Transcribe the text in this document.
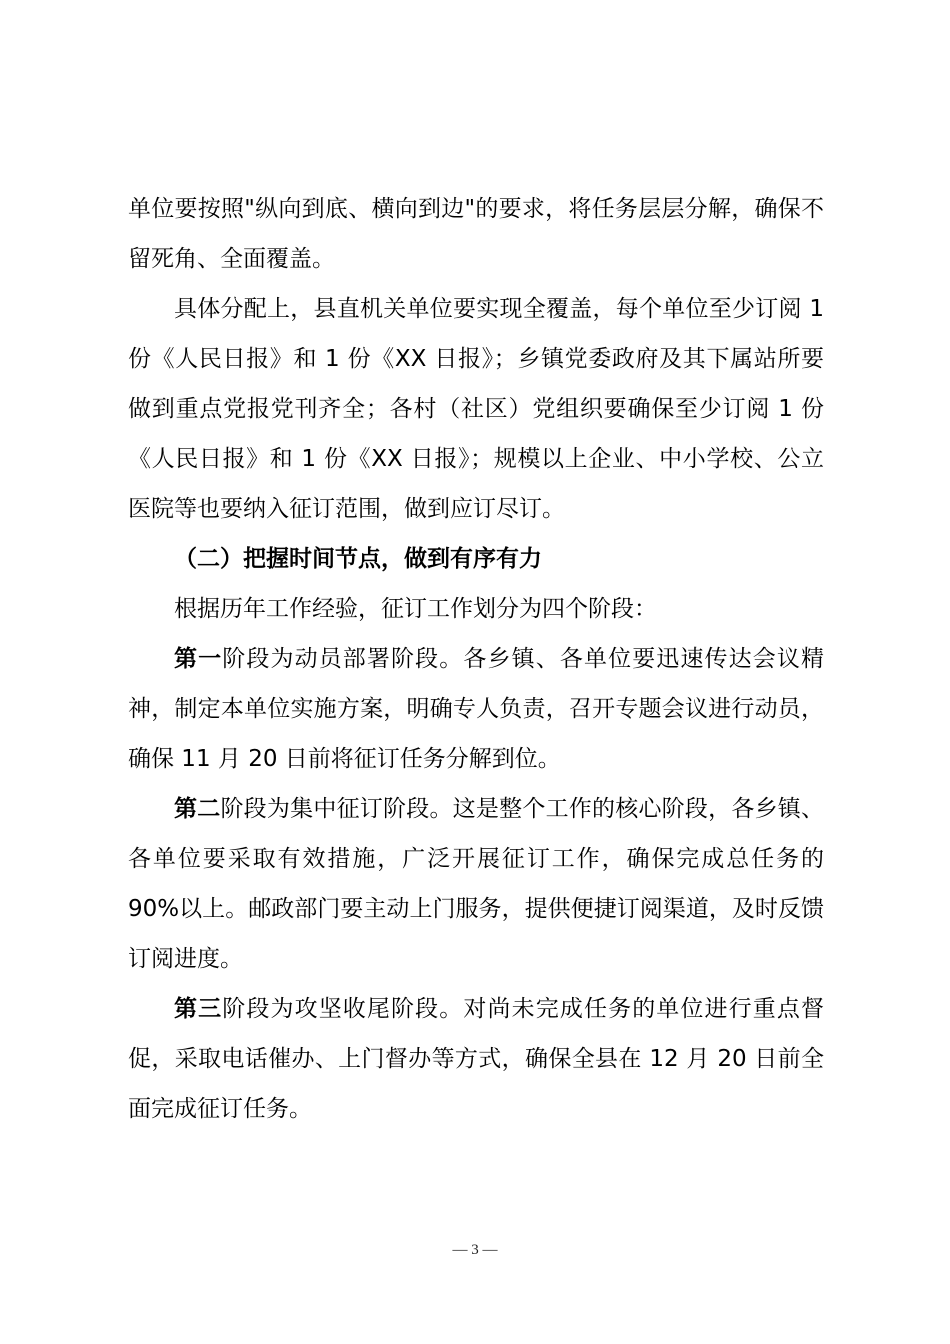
单位要按照"纵向到底、横向到边"的要求，将任务层层分解，确保不留死角、全面覆盖。

具体分配上，县直机关单位要实现全覆盖，每个单位至少订阅 1 份《人民日报》和 1 份《XX 日报》；乡镇党委政府及其下属站所要做到重点党报党刊齐全；各村（社区）党组织要确保至少订阅 1 份《人民日报》和 1 份《XX 日报》；规模以上企业、中小学校、公立医院等也要纳入征订范围，做到应订尽订。

（二）把握时间节点，做到有序有力

根据历年工作经验，征订工作划分为四个阶段：

第一阶段为动员部署阶段。各乡镇、各单位要迅速传达会议精神，制定本单位实施方案，明确专人负责，召开专题会议进行动员，确保 11 月 20 日前将征订任务分解到位。

第二阶段为集中征订阶段。这是整个工作的核心阶段，各乡镇、各单位要采取有效措施，广泛开展征订工作，确保完成总任务的 90%以上。邮政部门要主动上门服务，提供便捷订阅渠道，及时反馈订阅进度。

第三阶段为攻坚收尾阶段。对尚未完成任务的单位进行重点督促，采取电话催办、上门督办等方式，确保全县在 12 月 20 日前全面完成征订任务。

— 3 —
